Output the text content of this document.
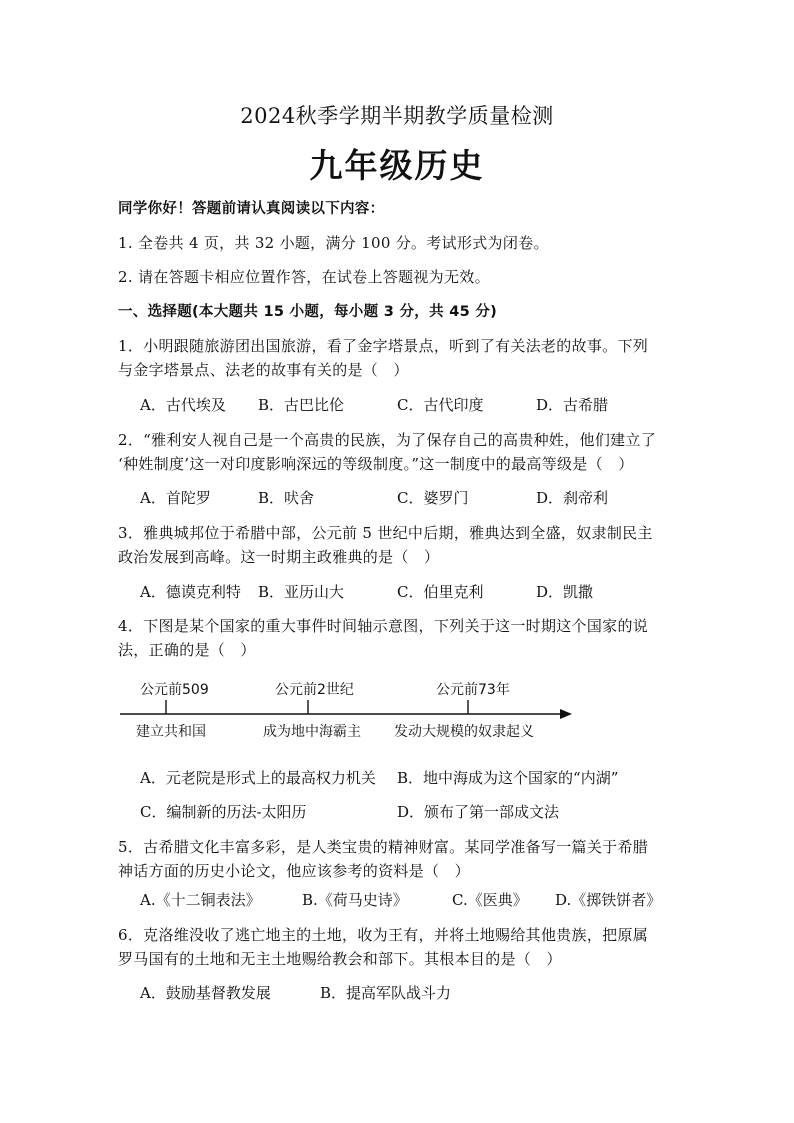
2024秋季学期半期教学质量检测
九年级历史
同学你好！答题前请认真阅读以下内容：
1. 全卷共 4 页，共 32 小题，满分 100 分。考试形式为闭卷。
2. 请在答题卡相应位置作答，在试卷上答题视为无效。
一、选择题(本大题共 15 小题，每小题 3 分，共 45 分)
1．小明跟随旅游团出国旅游，看了金字塔景点，听到了有关法老的故事。下列
与金字塔景点、法老的故事有关的是（　）
A．古代埃及 B．古巴比伦	C．古代印度	D．古希腊
2．“雅利安人视自己是一个高贵的民族，为了保存自己的高贵种姓，他们建立了
‘种姓制度’这一对印度影响深远的等级制度。”这一制度中的最高等级是（　）
A．首陀罗	B．吠舍	C．婆罗门	D．刹帝利
3．雅典城邦位于希腊中部，公元前 5 世纪中后期，雅典达到全盛，奴隶制民主
政治发展到高峰。这一时期主政雅典的是（　）
A．德谟克利特 B．亚历山大	C．伯里克利	D．凯撒
4．下图是某个国家的重大事件时间轴示意图，下列关于这一时期这个国家的说
法，正确的是（　）
公元前509	公元前2世纪	公元前73年
建立共和国	成为地中海霸主 发动大规模的奴隶起义
A．元老院是形式上的最高权力机关 B．地中海成为这个国家的“内湖”
C．编制新的历法-太阳历	D．颁布了第一部成文法
5．古希腊文化丰富多彩，是人类宝贵的精神财富。某同学准备写一篇关于希腊
神话方面的历史小论文，他应该参考的资料是（　）
A.《十二铜表法》	B.《荷马史诗》	C.《医典》 D.《掷铁饼者》
6．克洛维没收了逃亡地主的土地，收为王有，并将土地赐给其他贵族，把原属
罗马国有的土地和无主土地赐给教会和部下。其根本目的是（　）
A．鼓励基督教发展	B．提高军队战斗力
